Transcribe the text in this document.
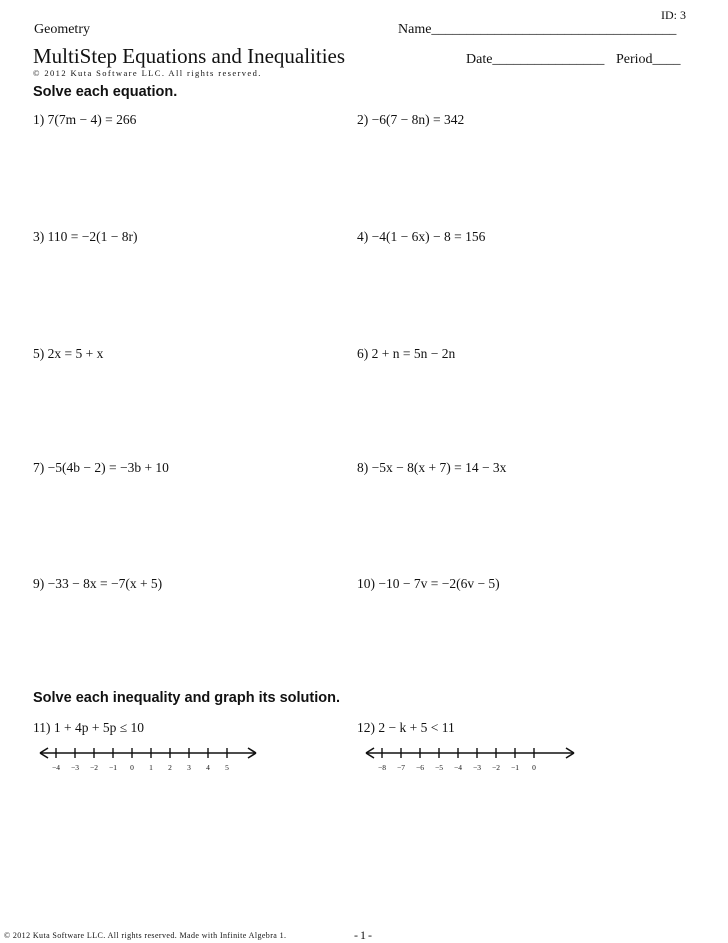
ID: 3
Geometry	Name___________________________________
MultiStep Equations and Inequalities	Date________________ Period____
© 2012 Kuta Software LLC. All rights reserved.
Solve each equation.
1) 7(7m − 4) = 266	2) −6(7 − 8n) = 342
3) 110 = −2(1 − 8r)	4) −4(1 − 6x) − 8 = 156
5) 2x = 5 + x	6) 2 + n = 5n − 2n
7) −5(4b − 2) = −3b + 10	8) −5x − 8(x + 7) = 14 − 3x
9) −33 − 8x = −7(x + 5)	10) −10 − 7v = −2(6v − 5)
Solve each inequality and graph its solution.
11) 1 + 4p + 5p ≤ 10	12) 2 − k + 5 < 11
−4 −3 −2 −1 0 1 2 3 4 5	−8 −7 −6 −5 −4 −3 −2 −1 0
© 2012 Kuta Software LLC. All rights reserved. Made with Infinite Algebra 1.	-1-
